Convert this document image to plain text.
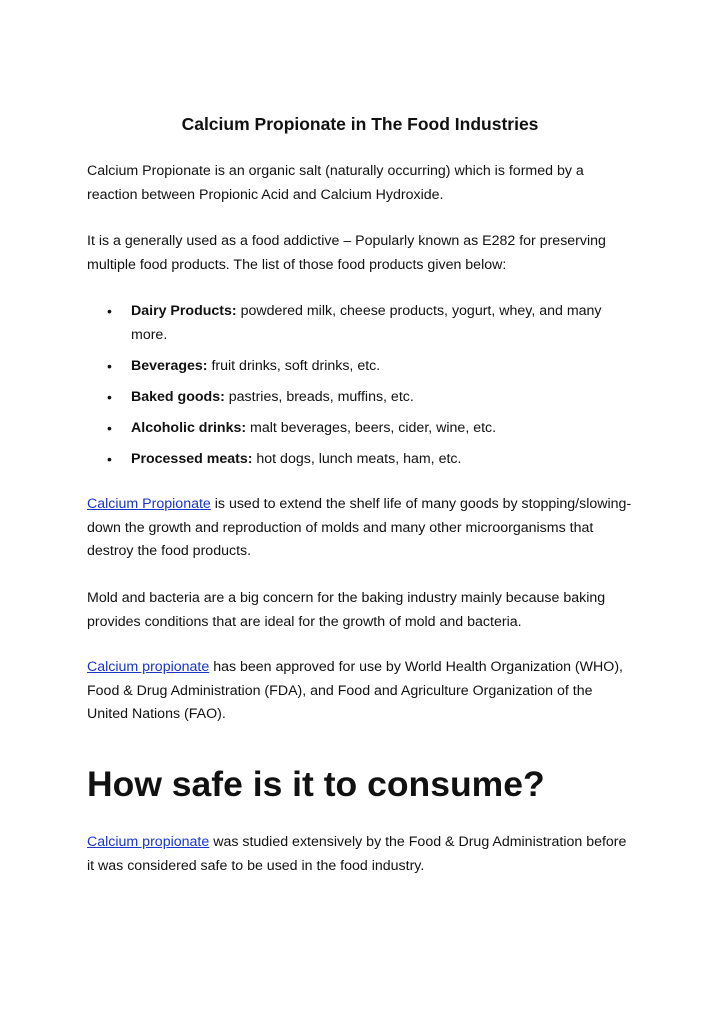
Calcium Propionate in The Food Industries

Calcium Propionate is an organic salt (naturally occurring) which is formed by a reaction between Propionic Acid and Calcium Hydroxide.

It is a generally used as a food addictive – Popularly known as E282 for preserving multiple food products. The list of those food products given below:

• Dairy Products: powdered milk, cheese products, yogurt, whey, and many more.
• Beverages: fruit drinks, soft drinks, etc.
• Baked goods: pastries, breads, muffins, etc.
• Alcoholic drinks: malt beverages, beers, cider, wine, etc.
• Processed meats: hot dogs, lunch meats, ham, etc.

Calcium Propionate is used to extend the shelf life of many goods by stopping/slowing-down the growth and reproduction of molds and many other microorganisms that destroy the food products.

Mold and bacteria are a big concern for the baking industry mainly because baking provides conditions that are ideal for the growth of mold and bacteria.

Calcium propionate has been approved for use by World Health Organization (WHO), Food & Drug Administration (FDA), and Food and Agriculture Organization of the United Nations (FAO).

How safe is it to consume?

Calcium propionate was studied extensively by the Food & Drug Administration before it was considered safe to be used in the food industry.
